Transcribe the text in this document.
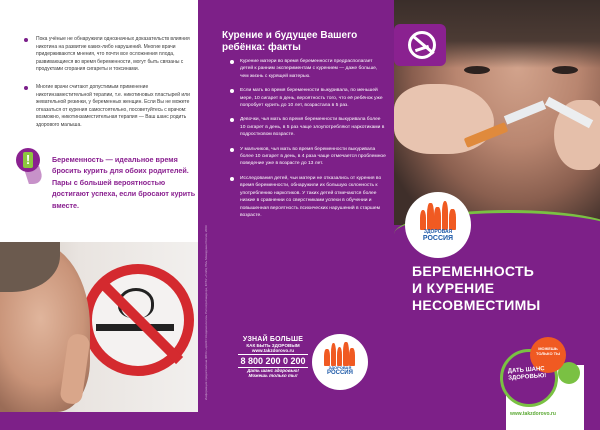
Пока учёные не обнаружили однозначных доказательств влияния никотина на развитие каких-либо нарушений. Многие врачи придерживаются мнения, что почти все осложнения плода, развивающиеся во время беременности, могут быть связаны с продуктами сгорания сигареты и токсинами.
Многие врачи считают допустимым применение никотинзаместительной терапии, т.е. никотиновых пластырей или жевательной резинки, у беременных женщин. Если Вы не можете отказаться от курения самостоятельно, посоветуйтесь с врачом: возможно, никотинзаместительная терапия — Ваш шанс родить здорового малыша.
!	Беременность — идеальное время бросить курить для обоих родителей. Пары с большей вероятностью достигают успеха, если бросают курить вместе.
Информация предоставлена ФБУН «ЦНИИ Эпидемиологии» Роспотребнадзора, ФГБУ «ГНИЦ ПМ» Минздрава России, 2009
Курение и будущее Вашего ребёнка: факты
Курение матери во время беременности предрасполагает детей к ранним экспериментам с курением — даже больше, чем жизнь с курящей матерью.
Если мать во время беременности выкуривала, по меньшей мере, 10 сигарет в день, вероятность того, что её ребёнок уже попробует курить до 10 лет, возрастала в 5 раз.
Девочки, чья мать во время беременности выкуривала более 10 сигарет в день, в 5 раз чаще злоупотребляют наркотиками в подростковом возрасте.
У мальчиков, чья мать во время беременности выкуривала более 10 сигарет в день, в 4 раза чаще отмечается проблемное поведение уже в возрасте до 13 лет.
Исследования детей, чьи матери не отказались от курения во время беременности, обнаружили их большую склонность к употреблению наркотиков. У таких детей отмечаются более низкие в сравнении со сверстниками успехи в обучении и повышенная вероятность психических нарушений в старшем возрасте.
УЗНАЙ БОЛЬШЕ
КАК БЫТЬ ЗДОРОВЫМ
www.takzdorovo.ru
8 800 200 0 200
Дать шанс здоровью!
Можешь только ты!
ЗДОРОВАЯ
РОССИЯ
ЗДОРОВАЯ
РОССИЯ
БЕРЕМЕННОСТЬ
И КУРЕНИЕ
НЕСОВМЕСТИМЫ
МОЖЕШЬ ТОЛЬКО ТЫ
ДАТЬ ШАНС ЗДОРОВЬЮ!
www.takzdorovo.ru
